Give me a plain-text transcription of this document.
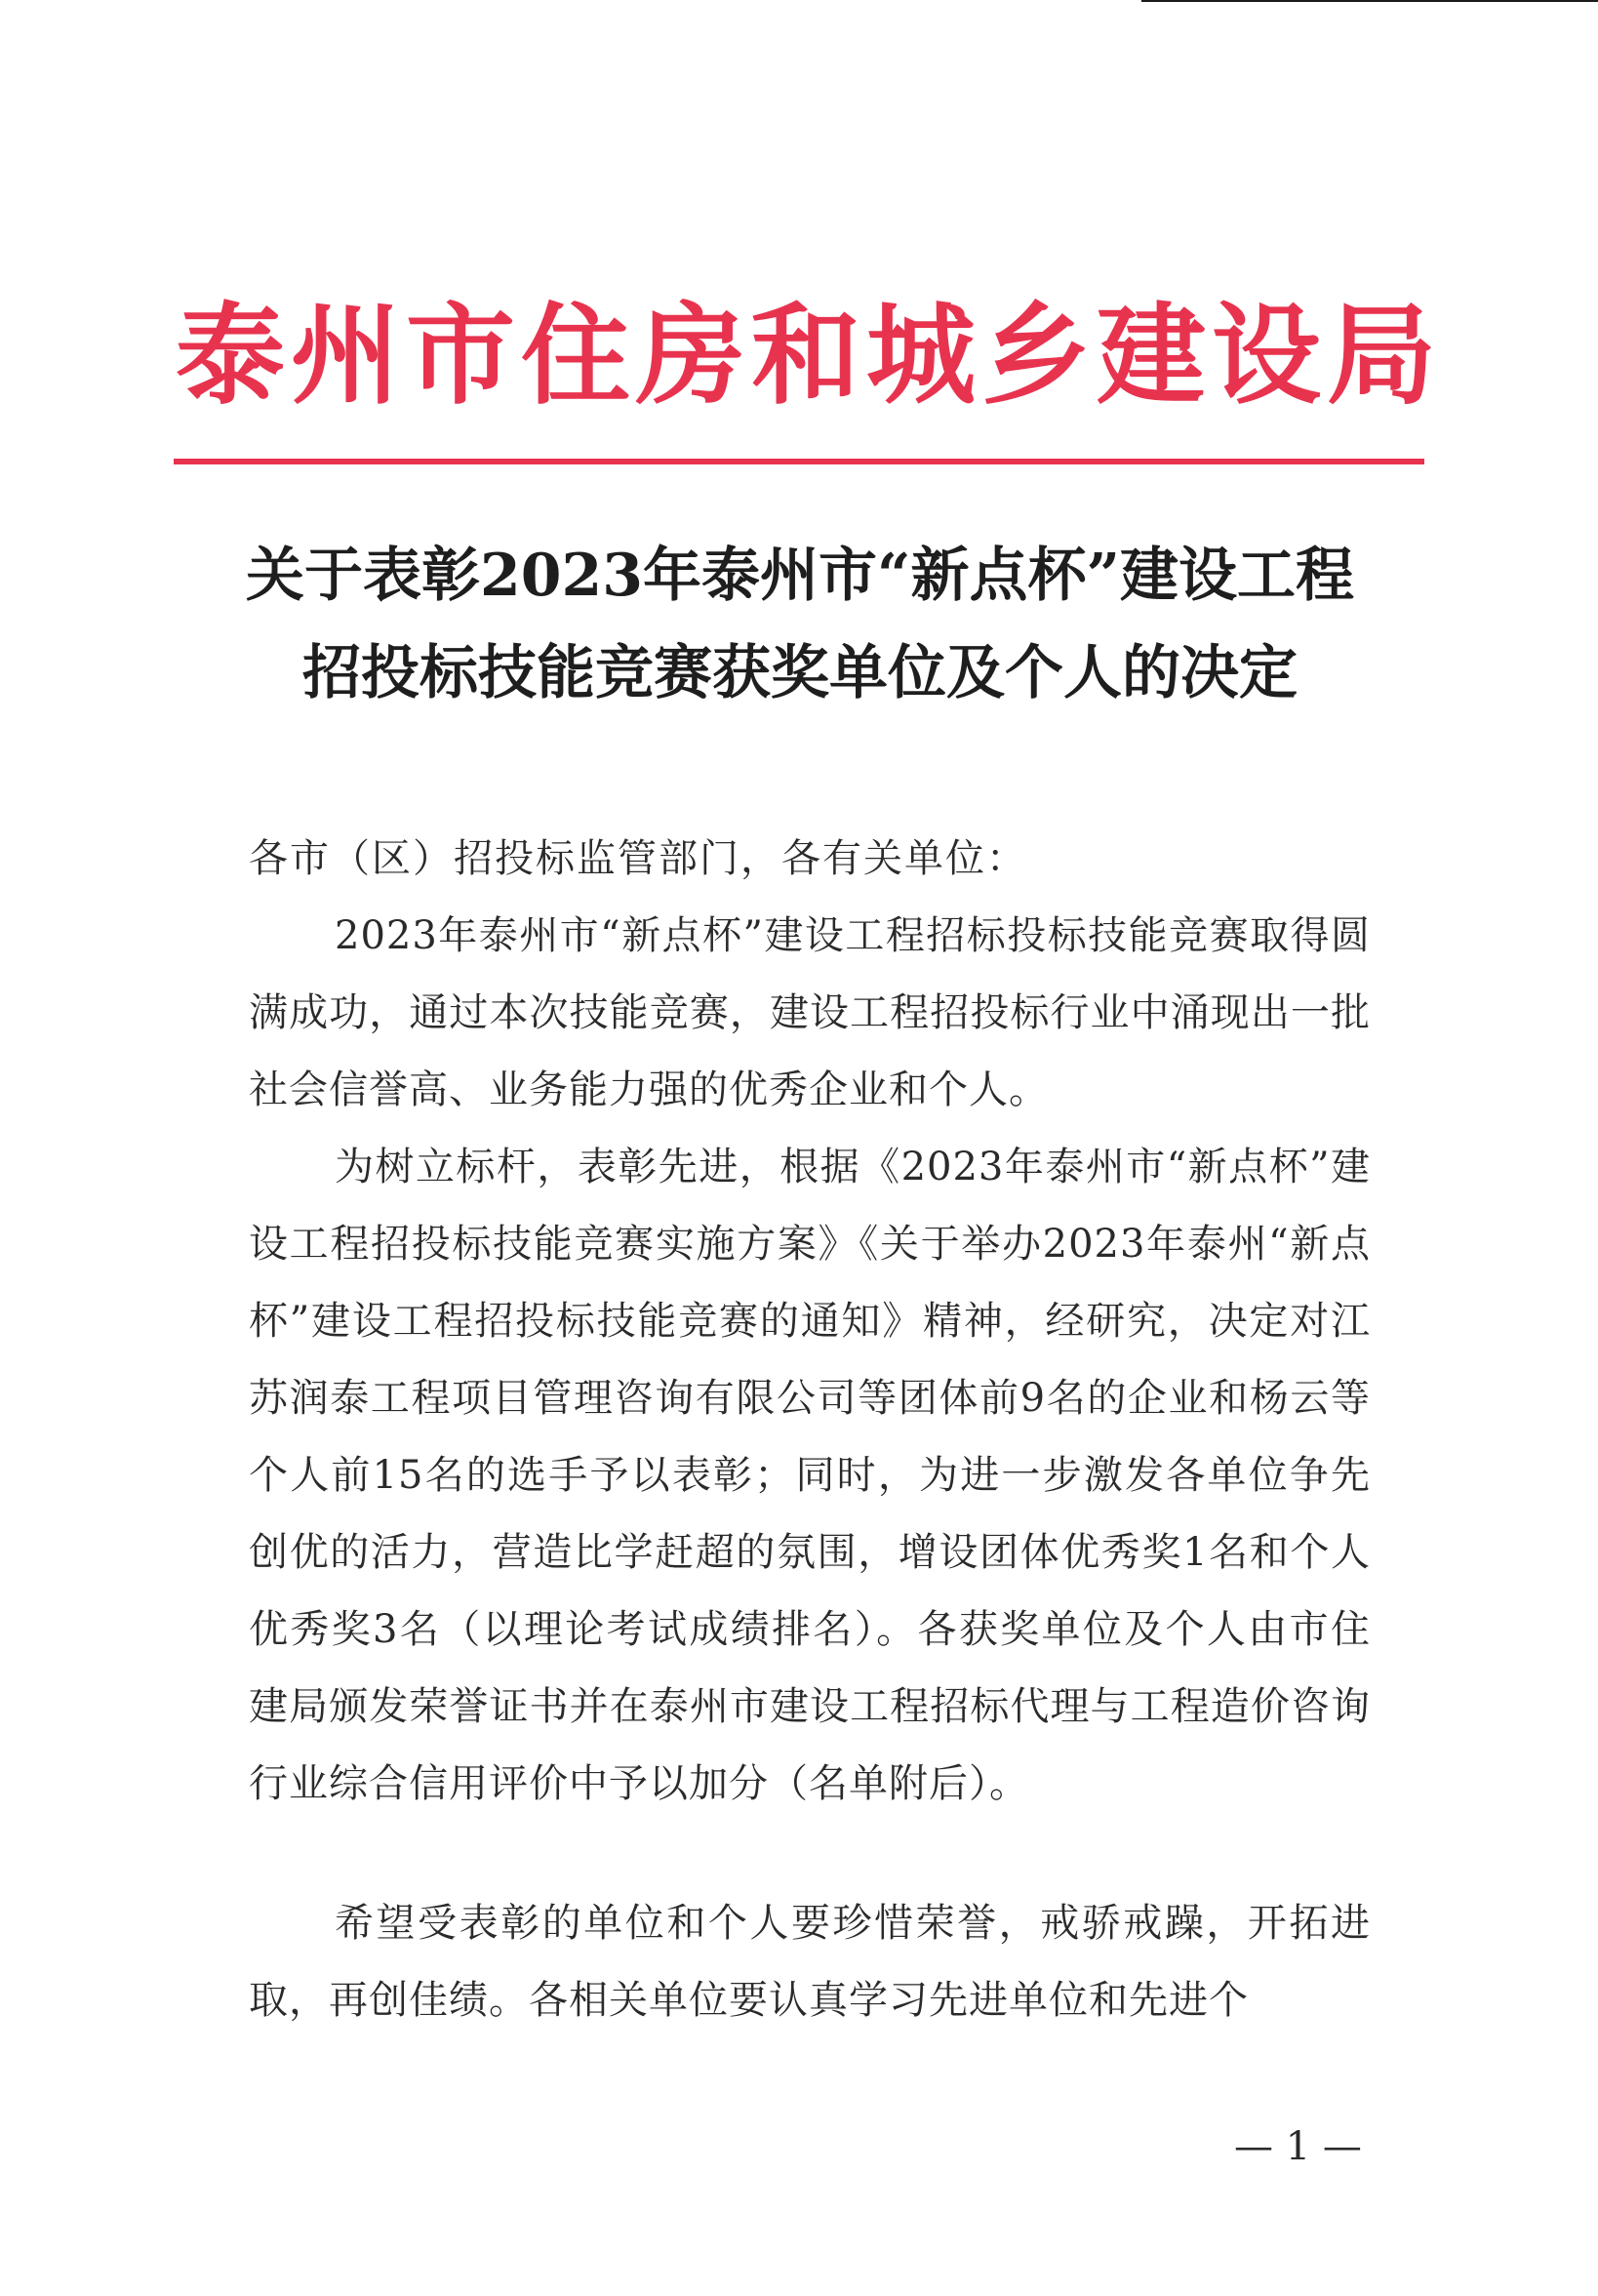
泰州市住房和城乡建设局
关于表彰2023年泰州市“新点杯”建设工程
招投标技能竞赛获奖单位及个人的决定
各市（区）招投标监管部门，各有关单位：

2023年泰州市“新点杯”建设工程招标投标技能竞赛取得圆满成功，通过本次技能竞赛，建设工程招投标行业中涌现出一批社会信誉高、业务能力强的优秀企业和个人。

为树立标杆，表彰先进，根据《2023年泰州市“新点杯”建设工程招投标技能竞赛实施方案》《关于举办2023年泰州“新点杯”建设工程招投标技能竞赛的通知》精神，经研究，决定对江苏润泰工程项目管理咨询有限公司等团体前9名的企业和杨云等个人前15名的选手予以表彰；同时，为进一步激发各单位争先创优的活力，营造比学赶超的氛围，增设团体优秀奖1名和个人优秀奖3名（以理论考试成绩排名）。各获奖单位及个人由市住建局颁发荣誉证书并在泰州市建设工程招标代理与工程造价咨询行业综合信用评价中予以加分（名单附后）。

希望受表彰的单位和个人要珍惜荣誉，戒骄戒躁，开拓进取，再创佳绩。各相关单位要认真学习先进单位和先进个

— 1 —
